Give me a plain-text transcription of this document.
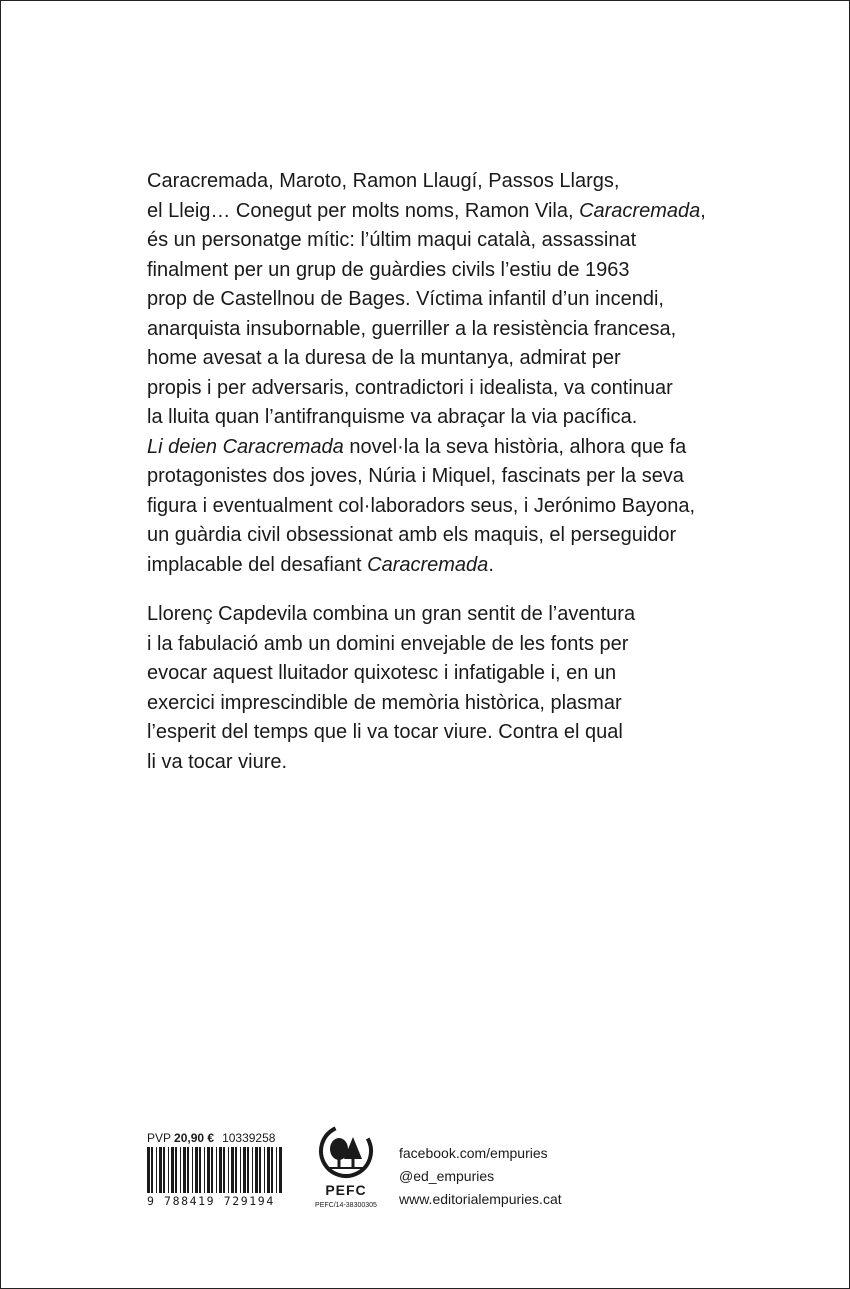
Caracremada, Maroto, Ramon Llaugí, Passos Llargs,
el Lleig… Conegut per molts noms, Ramon Vila, Caracremada,
és un personatge mític: l’últim maqui català, assassinat
finalment per un grup de guàrdies civils l’estiu de 1963
prop de Castellnou de Bages. Víctima infantil d’un incendi,
anarquista insubornable, guerriller a la resistència francesa,
home avesat a la duresa de la muntanya, admirat per
propis i per adversaris, contradictori i idealista, va continuar
la lluita quan l’antifranquisme va abraçar la via pacífica.
Li deien Caracremada novel·la la seva història, alhora que fa
protagonistes dos joves, Núria i Miquel, fascinats per la seva
figura i eventualment col·laboradors seus, i Jerónimo Bayona,
un guàrdia civil obsessionat amb els maquis, el perseguidor
implacable del desafiant Caracremada.

Llorenç Capdevila combina un gran sentit de l’aventura
i la fabulació amb un domini envejable de les fonts per
evocar aquest lluitador quixotesc i infatigable i, en un
exercici imprescindible de memòria històrica, plasmar
l’esperit del temps que li va tocar viure. Contra el qual
li va tocar viure.

PVP 20,90 € 10339258
9 788419 729194
PEFC
PEFC/14-38300305
facebook.com/empuries
@ed_empuries
www.editorialempuries.cat
